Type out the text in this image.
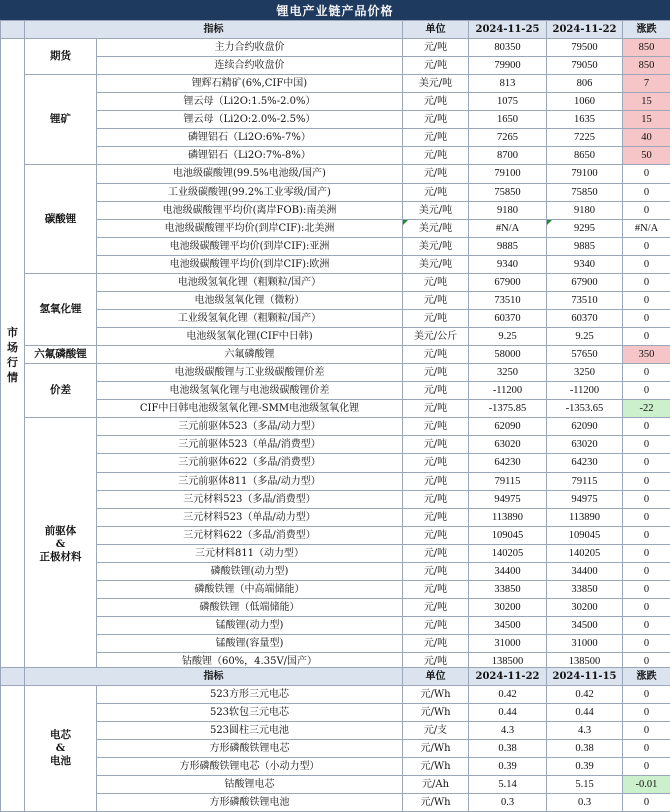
锂电产业链产品价格
	指标		单位	2024-11-25	2024-11-22	涨跌

市
场
行
情	期货	主力合约收盘价	元/吨	80350	79500	850
		连续合约收盘价	元/吨	79900	79050	850
	锂矿	锂辉石精矿(6%,CIF中国)	美元/吨	813	806	7
		锂云母（Li2O:1.5%-2.0%）	元/吨	1075	1060	15
		锂云母（Li2O:2.0%-2.5%）	元/吨	1650	1635	15
		磷锂铝石（Li2O:6%-7%）	元/吨	7265	7225	40
		磷锂铝石（Li2O:7%-8%）	元/吨	8700	8650	50
	碳酸锂	电池级碳酸锂(99.5%电池级/国产)	元/吨	79100	79100	0
		工业级碳酸锂(99.2%工业零级/国产)	元/吨	75850	75850	0
		电池级碳酸锂平均价(离岸FOB):南美洲	美元/吨	9180	9180	0
		电池级碳酸锂平均价(到岸CIF):北美洲	美元/吨	#N/A	9295	#N/A
		电池级碳酸锂平均价(到岸CIF):亚洲	美元/吨	9885	9885	0
		电池级碳酸锂平均价(到岸CIF):欧洲	美元/吨	9340	9340	0
	氢氧化锂	电池级氢氧化锂（粗颗粒/国产）	元/吨	67900	67900	0
		电池级氢氧化锂（微粉）	元/吨	73510	73510	0
		工业级氢氧化锂（粗颗粒/国产）	元/吨	60370	60370	0
		电池级氢氧化锂(CIF中日韩)	美元/公斤	9.25	9.25	0
	六氟磷酸锂	六氟磷酸锂	元/吨	58000	57650	350
	价差	电池级碳酸锂与工业级碳酸锂价差	元/吨	3250	3250	0
		电池级氢氧化锂与电池级碳酸锂价差	元/吨	-11200	-11200	0
		CIF中日韩电池级氢氧化锂-SMM电池级氢氧化锂	元/吨	-1375.85	-1353.65	-22

	前驱体
&
正极材料	三元前驱体523（多晶/动力型）	元/吨	62090	62090	0
		三元前驱体523（单晶/消费型）	元/吨	63020	63020	0
		三元前驱体622（多晶/消费型）	元/吨	64230	64230	0
		三元前驱体811（多晶/动力型）	元/吨	79115	79115	0
		三元材料523（多晶/消费型）	元/吨	94975	94975	0
		三元材料523（单晶/动力型）	元/吨	113890	113890	0
		三元材料622（多晶/消费型）	元/吨	109045	109045	0
		三元材料811（动力型）	元/吨	140205	140205	0
		磷酸铁锂(动力型)	元/吨	34400	34400	0
		磷酸铁锂（中高端储能）	元/吨	33850	33850	0
		磷酸铁锂（低端储能）	元/吨	30200	30200	0
		锰酸锂(动力型)	元/吨	34500	34500	0
		锰酸锂(容量型)	元/吨	31000	31000	0
		钴酸锂（60%，4.35V/国产）	元/吨	138500	138500	0
	指标		单位	2024-11-22	2024-11-15	涨跌

	电芯
&
电池	523方形三元电芯	元/Wh	0.42	0.42	0
		523软包三元电芯	元/Wh	0.44	0.44	0
		523圆柱三元电池	元/支	4.3	4.3	0
		方形磷酸铁锂电芯	元/Wh	0.38	0.38	0
		方形磷酸铁锂电芯（小动力型）	元/Wh	0.39	0.39	0
		钴酸锂电芯	元/Ah	5.14	5.15	-0.01
		方形磷酸铁锂电池	元/Wh	0.3	0.3	0
